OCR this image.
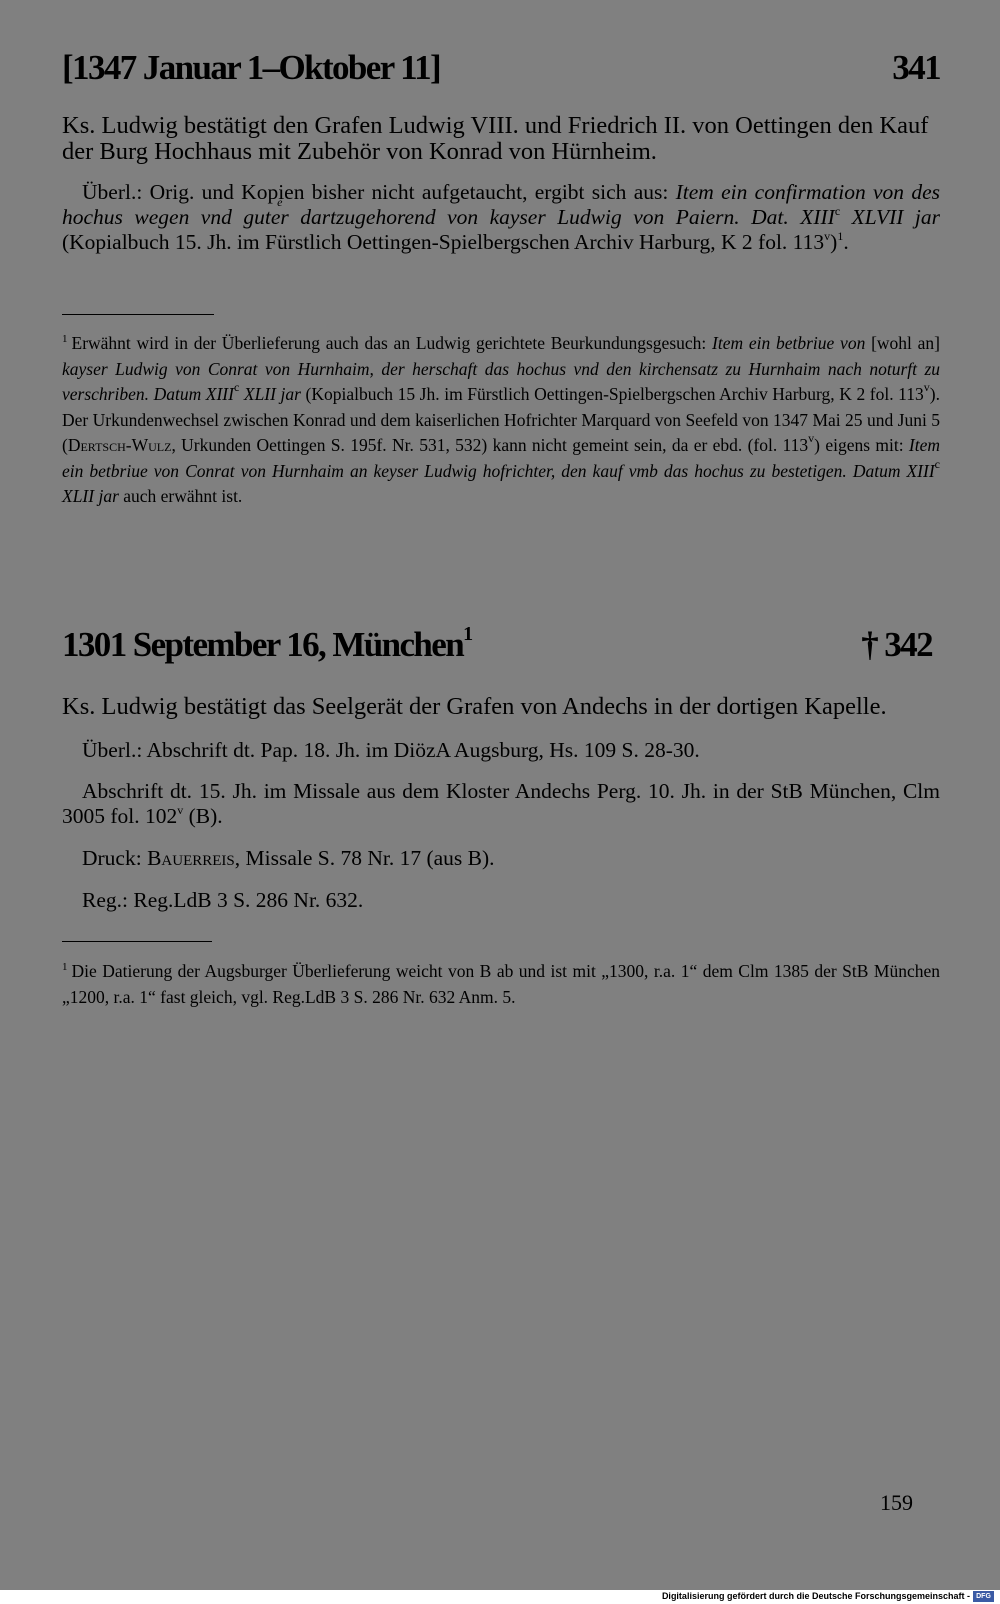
[1347 Januar 1–Oktober 11]	341
Ks. Ludwig bestätigt den Grafen Ludwig VIII. und Friedrich II. von Oettingen den Kauf der Burg Hochhaus mit Zubehör von Konrad von Hürnheim.
Überl.: Orig. und Kopien bisher nicht aufgetaucht, ergibt sich aus: Item ein confirmation von des hochus wegen vnd ge uter dartzugehorend von kayser Ludwig von Paiern. Dat. XIII$^c$ XLVII jar (Kopialbuch 15. Jh. im Fürstlich Oettingen-Spielbergschen Archiv Harburg, K 2 fol. 113$^v$)$^1$.
$^1$ Erwähnt wird in der Überlieferung auch das an Ludwig gerichtete Beurkundungsgesuch: Item ein betbriue von [wohl an] kayser Ludwig von Conrat von Hurnhaim, der herschaft das hochus vnd den kirchensatz zu Hurnhaim nach noturft zu verschriben. Datum XIII$^c$ XLII jar (Kopialbuch 15 Jh. im Fürstlich Oettingen-Spielbergschen Archiv Harburg, K 2 fol. 113$^v$). Der Urkundenwechsel zwischen Konrad und dem kaiserlichen Hofrichter Marquard von Seefeld von 1347 Mai 25 und Juni 5 (Dertsch-Wulz, Urkunden Oettingen S. 195f. Nr. 531, 532) kann nicht gemeint sein, da er ebd. (fol. 113$^v$) eigens mit: Item ein betbriue von Conrat von Hurnhaim an keyser Ludwig hofrichter, den kauf vmb das hochus zu bestetigen. Datum XIII$^c$ XLII jar auch erwähnt ist.
1301 September 16, München$^1$	† 342
Ks. Ludwig bestätigt das Seelgerät der Grafen von Andechs in der dortigen Kapelle.
Überl.: Abschrift dt. Pap. 18. Jh. im DiözA Augsburg, Hs. 109 S. 28-30.
Abschrift dt. 15. Jh. im Missale aus dem Kloster Andechs Perg. 10. Jh. in der StB München, Clm 3005 fol. 102$^v$ (B).
Druck: Bauerreis, Missale S. 78 Nr. 17 (aus B).
Reg.: Reg.LdB 3 S. 286 Nr. 632.
$^1$ Die Datierung der Augsburger Überlieferung weicht von B ab und ist mit „1300, r.a. 1“ dem Clm 1385 der StB München „1200, r.a. 1“ fast gleich, vgl. Reg.LdB 3 S. 286 Nr. 632 Anm. 5.
159
Digitalisierung gefördert durch die Deutsche Forschungsgemeinschaft - DFG
